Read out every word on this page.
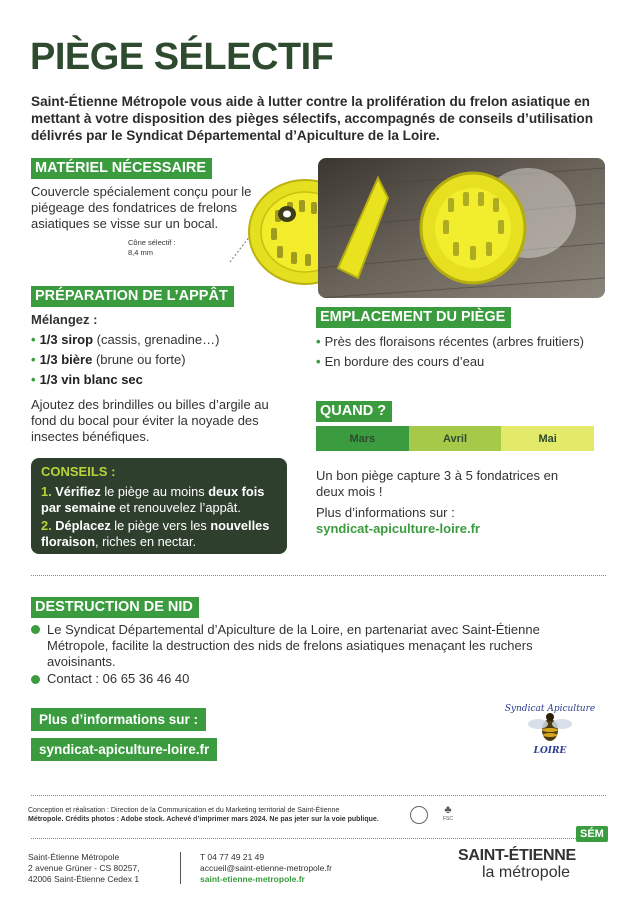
PIÈGE SÉLECTIF
Saint-Étienne Métropole vous aide à lutter contre la prolifération du frelon asiatique en mettant à votre disposition des pièges sélectifs, accompagnés de conseils d’utilisation délivrés par le Syndicat Départemental d’Apiculture de la Loire.
MATÉRIEL NÉCESSAIRE
Couvercle spécialement conçu pour le piégeage des fondatrices de frelons asiatiques se visse sur un bocal.
Cône sélectif :
8,4 mm
PRÉPARATION DE L’APPÂT
Mélangez :
• 1/3 sirop (cassis, grenadine…)
• 1/3 bière (brune ou forte)
• 1/3 vin blanc sec
Ajoutez des brindilles ou billes d’argile au fond du bocal pour éviter la noyade des insectes bénéfiques.
CONSEILS :
1. Vérifiez le piège au moins deux fois par semaine et renouvelez l’appât.
2. Déplacez le piège vers les nouvelles floraison, riches en nectar.
EMPLACEMENT DU PIÈGE
• Près des floraisons récentes (arbres fruitiers)
• En bordure des cours d’eau
QUAND ?
Mars	Avril	Mai
Un bon piège capture 3 à 5 fondatrices en deux mois !
Plus d’informations sur :
syndicat-apiculture-loire.fr
DESTRUCTION DE NID
Le Syndicat Départemental d’Apiculture de la Loire, en partenariat avec Saint-Étienne Métropole, facilite la destruction des nids de frelons asiatiques menaçant les ruchers avoisinants.
Contact : 06 65 36 46 40
Plus d’informations sur :
syndicat-apiculture-loire.fr
Syndicat Apiculture
LOIRE
Conception et réalisation : Direction de la Communication et du Marketing territorial de Saint-Étienne
Métropole. Crédits photos : Adobe stock. Achevé d’imprimer mars 2024. Ne pas jeter sur la voie publique.
♣
FSC
Saint-Étienne Métropole
2 avenue Grüner - CS 80257,
42006 Saint-Étienne Cedex 1
T 04 77 49 21 49
accueil@saint-etienne-metropole.fr
saint-etienne-metropole.fr
SÉM
SAINT-ÉTIENNE
la métropole
